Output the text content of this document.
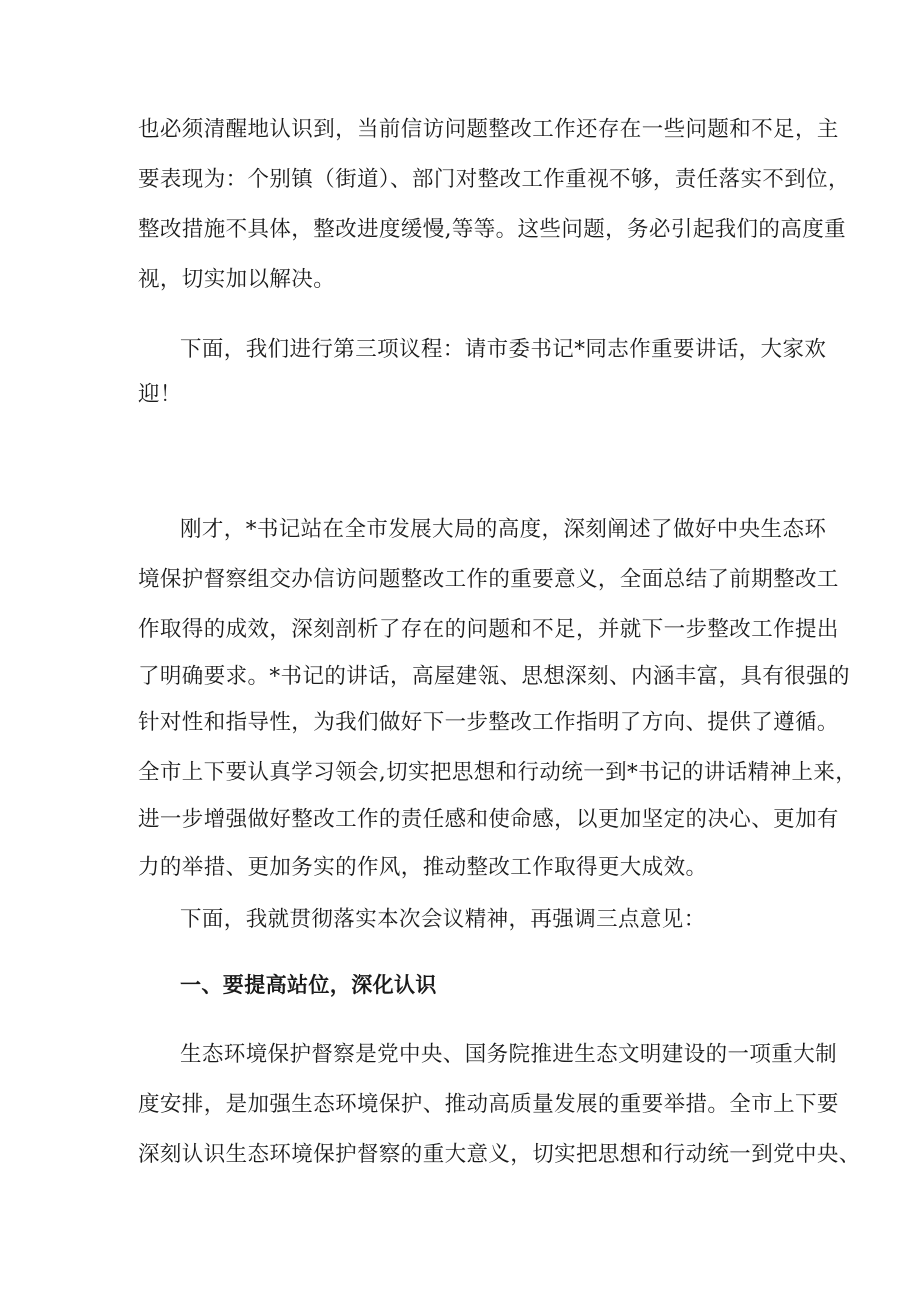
也必须清醒地认识到，当前信访问题整改工作还存在一些问题和不足，主

要表现为：个别镇（街道）、部门对整改工作重视不够，责任落实不到位，

整改措施不具体，整改进度缓慢,等等。这些问题，务必引起我们的高度重

视，切实加以解决。

下面，我们进行第三项议程：请市委书记*同志作重要讲话，大家欢

迎！

刚才，*书记站在全市发展大局的高度，深刻阐述了做好中央生态环

境保护督察组交办信访问题整改工作的重要意义，全面总结了前期整改工

作取得的成效，深刻剖析了存在的问题和不足，并就下一步整改工作提出

了明确要求。*书记的讲话，高屋建瓴、思想深刻、内涵丰富，具有很强的

针对性和指导性，为我们做好下一步整改工作指明了方向、提供了遵循。

全市上下要认真学习领会,切实把思想和行动统一到*书记的讲话精神上来，

进一步增强做好整改工作的责任感和使命感，以更加坚定的决心、更加有

力的举措、更加务实的作风，推动整改工作取得更大成效。

下面，我就贯彻落实本次会议精神，再强调三点意见：

一、要提高站位，深化认识

生态环境保护督察是党中央、国务院推进生态文明建设的一项重大制

度安排，是加强生态环境保护、推动高质量发展的重要举措。全市上下要

深刻认识生态环境保护督察的重大意义，切实把思想和行动统一到党中央、
